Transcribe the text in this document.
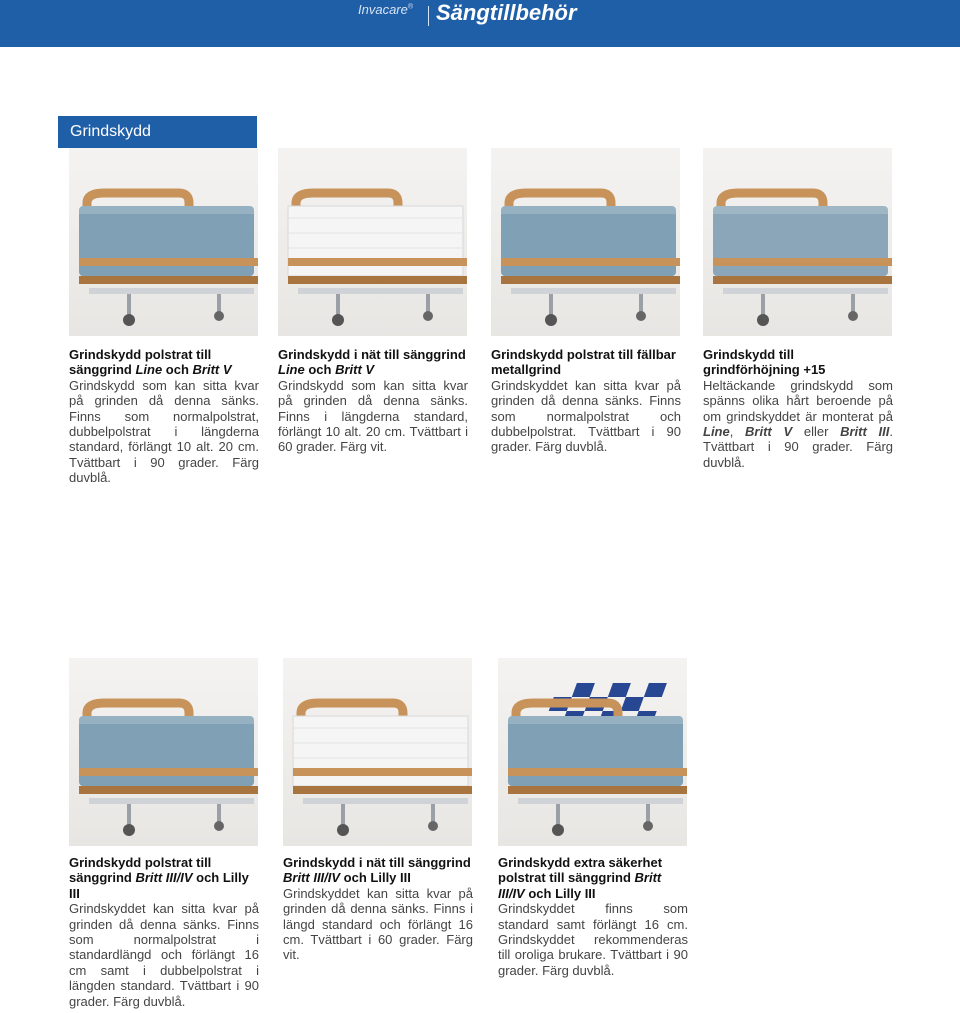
Invacare® Sängtillbehör
Grindskydd
Grindskydd polstrat till sänggrind Line och Britt V

Grindskydd som kan sitta kvar på grinden då denna sänks. Finns som normalpolstrat, dubbelpolstrat i längderna standard, förlängt 10 alt. 20 cm. Tvättbart i 90 grader. Färg duvblå.

Grindskydd i nät till sänggrind Line och Britt V

Grindskydd som kan sitta kvar på grinden då denna sänks. Finns i längderna standard, förlängt 10 alt. 20 cm. Tvättbart i 60 grader. Färg vit.

Grindskydd polstrat till fällbar metallgrind

Grindskyddet kan sitta kvar på grinden då denna sänks. Finns som normalpolstrat och dubbelpolstrat. Tvättbart i 90 grader. Färg duvblå.

Grindskydd till grindförhöjning +15

Heltäckande grindskydd som spänns olika hårt beroende på om grindskyddet är monterat på Line, Britt V eller Britt III. Tvättbart i 90 grader. Färg duvblå.

Grindskydd polstrat till sänggrind Britt III/IV och Lilly III

Grindskyddet kan sitta kvar på grinden då denna sänks. Finns som normalpolstrat i standardlängd och förlängt 16 cm samt i dubbelpolstrat i längden standard. Tvättbart i 90 grader. Färg duvblå.

Grindskydd i nät till sänggrind Britt III/IV och Lilly III

Grindskyddet kan sitta kvar på grinden då denna sänks. Finns i längd standard och förlängt 16 cm. Tvättbart i 60 grader. Färg vit.

Grindskydd extra säkerhet polstrat till sänggrind Britt III/IV och Lilly III

Grindskyddet finns som standard samt förlängt 16 cm. Grindskyddet rekommenderas till oroliga brukare. Tvättbart i 90 grader. Färg duvblå.
